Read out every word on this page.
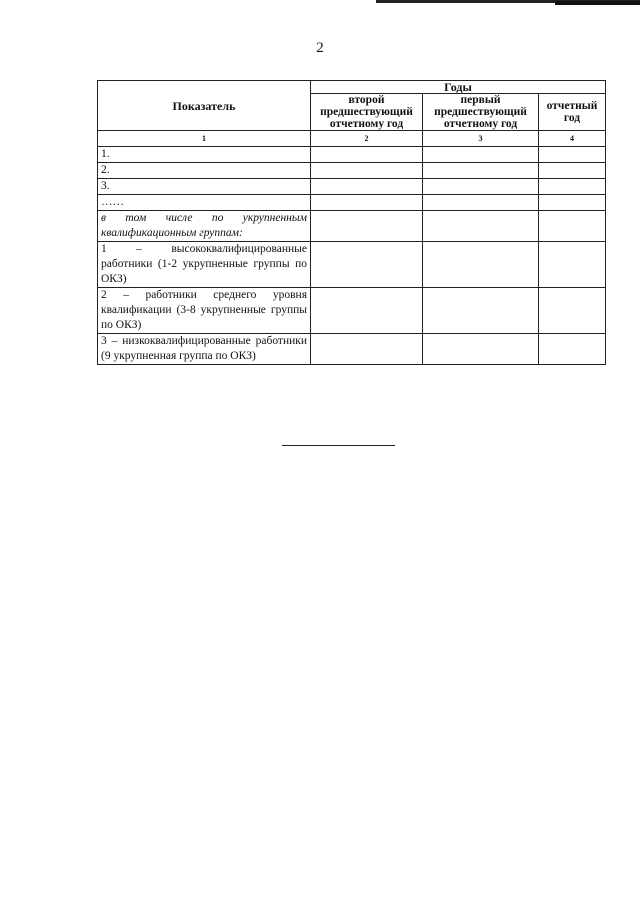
2
Показатель	Годы		
	второй предшествующий отчетному год	первый предшествующий отчетному год	отчетный год
1	2	3	4
1.			
2.			
3.			
……			
в том числе по укрупненным квалификационным группам:			
1 – высококвалифицированные работники (1-2 укрупненные группы по ОКЗ)			
2 – работники среднего уровня квалификации (3-8 укрупненные группы по ОКЗ)			
3 – низкоквалифицированные работники (9 укрупненная группа по ОКЗ)			
